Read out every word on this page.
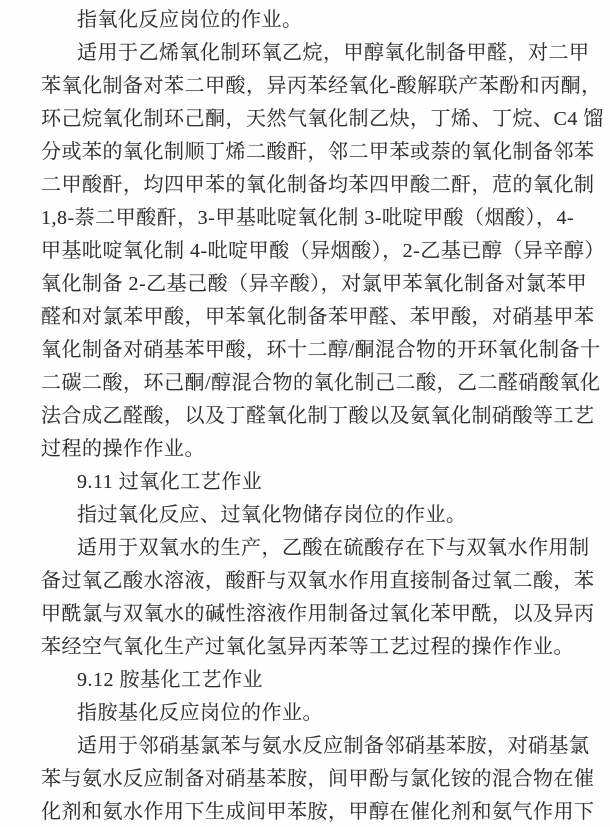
指氧化反应岗位的作业。
适用于乙烯氧化制环氧乙烷，甲醇氧化制备甲醛，对二甲
苯氧化制备对苯二甲酸，异丙苯经氧化-酸解联产苯酚和丙酮，
环己烷氧化制环己酮，天然气氧化制乙炔，丁烯、丁烷、C4 馏
分或苯的氧化制顺丁烯二酸酐，邻二甲苯或萘的氧化制备邻苯
二甲酸酐，均四甲苯的氧化制备均苯四甲酸二酐，苊的氧化制
1,8-萘二甲酸酐，3-甲基吡啶氧化制 3-吡啶甲酸（烟酸），4-
甲基吡啶氧化制 4-吡啶甲酸（异烟酸），2-乙基已醇（异辛醇）
氧化制备 2-乙基己酸（异辛酸），对氯甲苯氧化制备对氯苯甲
醛和对氯苯甲酸，甲苯氧化制备苯甲醛、苯甲酸，对硝基甲苯
氧化制备对硝基苯甲酸，环十二醇/酮混合物的开环氧化制备十
二碳二酸，环己酮/醇混合物的氧化制己二酸，乙二醛硝酸氧化
法合成乙醛酸，以及丁醛氧化制丁酸以及氨氧化制硝酸等工艺
过程的操作作业。
9.11 过氧化工艺作业
指过氧化反应、过氧化物储存岗位的作业。
适用于双氧水的生产，乙酸在硫酸存在下与双氧水作用制
备过氧乙酸水溶液，酸酐与双氧水作用直接制备过氧二酸，苯
甲酰氯与双氧水的碱性溶液作用制备过氧化苯甲酰，以及异丙
苯经空气氧化生产过氧化氢异丙苯等工艺过程的操作作业。
9.12 胺基化工艺作业
指胺基化反应岗位的作业。
适用于邻硝基氯苯与氨水反应制备邻硝基苯胺，对硝基氯
苯与氨水反应制备对硝基苯胺，间甲酚与氯化铵的混合物在催
化剂和氨水作用下生成间甲苯胺，甲醇在催化剂和氨气作用下
